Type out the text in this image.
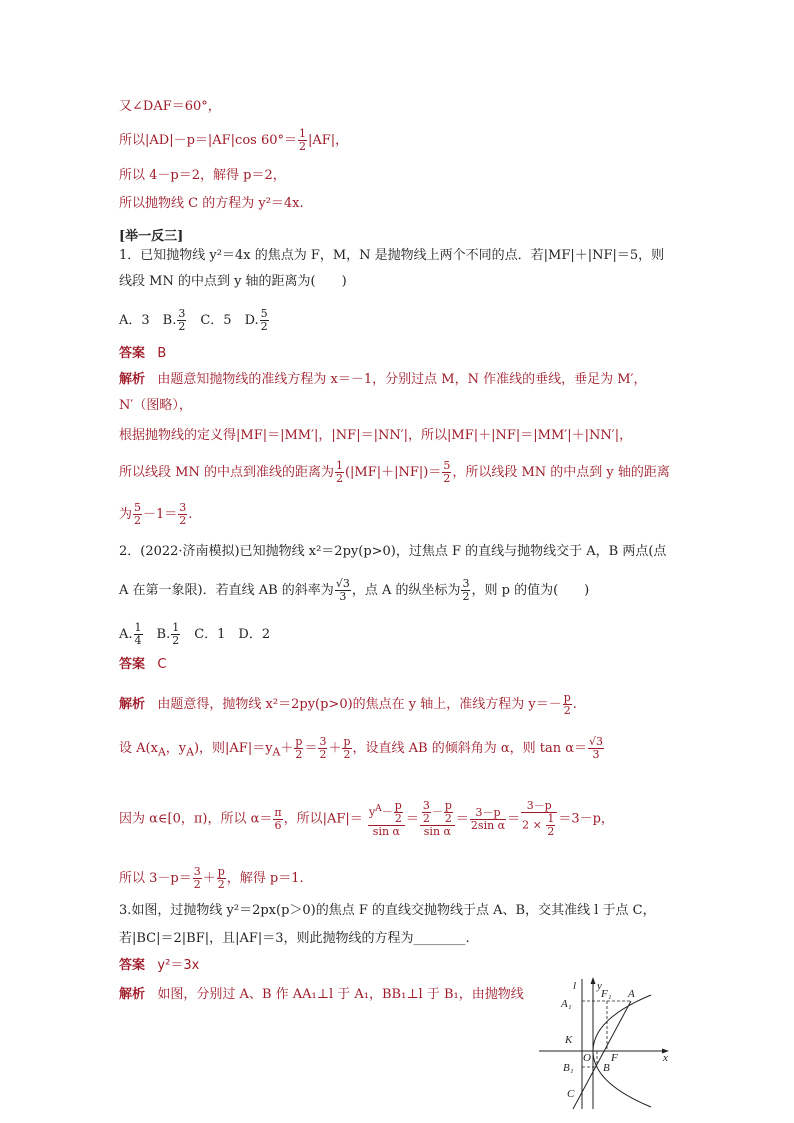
又∠DAF＝60°，
所以|AD|－p＝|AF|cos $60^\circ= \frac{1}{2} |AF|$，
所以 4－p＝2，解得 p＝2，
所以抛物线 C 的方程为 y²＝4x.
[举一反三]
1．已知抛物线 y²＝4x 的焦点为 F，M，N 是抛物线上两个不同的点．若|MF|＋|NF|＝5，则
线段 MN 的中点到 y 轴的距离为(　　)
A．3　B. $\frac{3}{2}$ 　C．5　D. $\frac{5}{2}$
答案 B
解析 由题意知抛物线的准线方程为 x＝－1，分别过点 M，N 作准线的垂线，垂足为 M′，
N′（图略），
根据抛物线的定义得|MF|＝|MM′|，|NF|＝|NN′|，所以|MF|＋|NF|＝|MM′|＋|NN′|，
所以线段 MN 的中点到准线的距离为 $\frac{1}{2} (|MF|+|NF|)= \frac{5}{2}$ ，所以线段 MN 的中点到 y 轴的距离
为 $\frac{5}{2} -1= \frac{3}{2}$ .
2．(2022·济南模拟)已知抛物线 x²＝2py(p>0)，过焦点 F 的直线与抛物线交于 A，B 两点(点
A 在第一象限)．若直线 AB 的斜率为 $\frac{√3}{3}$ ，点 A 的纵坐标为 $\frac{3}{2}$ ，则 p 的值为(　　)
A. $\frac{1}{4}$ 　B. $\frac{1}{2}$ 　C．1　D．2
答案 C
解析 由题意得，抛物线 x²＝2py(p>0)的焦点在 y 轴上，准线方程为 $y=- \frac{p}{2}$ .
设 $A(x_A$，$y_A$)，则$|AF|=y_A+ \frac{p}{2} = \frac{3}{2} + \frac{p}{2}$ ，设直线 AB 的倾斜角为 α，则 $\tan \alpha= \frac{√3}{3}$
因为 α∈[0，π)，所以 $\alpha= \frac{\pi}{6}$ ，所以$|AF|= \frac{y^A- \frac{p}{2}}{\text{sin α}} = \frac{\frac{3}{2} - \frac{p}{2}}{\text{sin α}} = \frac{3-p}{\text{2sin α}} = \frac{3-p}{2 \times \frac{1}{2}} =3-p$，
所以 $3-p= \frac{3}{2} + \frac{p}{2}$ ，解得 p＝1.
3.如图，过抛物线 y²＝2px(p＞0)的焦点 F 的直线交抛物线于点 A、B，交其准线 l 于点 C，
若|BC|＝2|BF|，且|AF|＝3，则此抛物线的方程为________.
答案 y²＝3x
解析 如图，分别过 A、B 作 AA₁⊥l 于 A₁，BB₁⊥l 于 B₁，由抛物线
l y
F₁ A
A₁
K
O F	x
B₁	B
C
